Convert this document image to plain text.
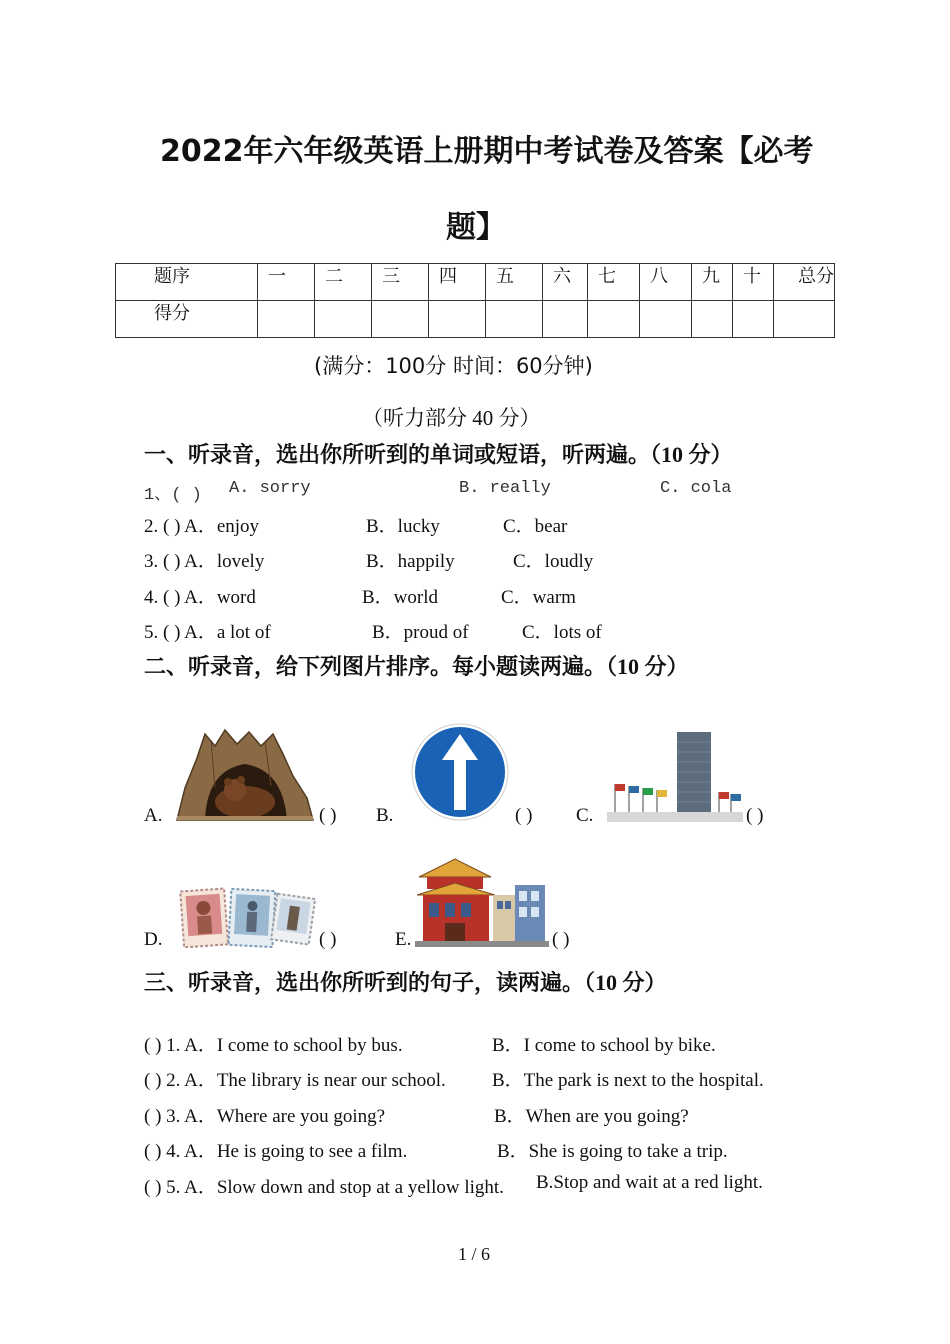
2022年六年级英语上册期中考试卷及答案【必考
题】
题序	一	二	三	四	五	六	七	八	九	十	总分
得分											
(满分：100分 时间：60分钟)
（听力部分 40 分）
一、听录音，选出你所听到的单词或短语，听两遍。（10 分）
1、( ) A. sorry	B. really	C. cola
2. ( ) A．enjoy	B．lucky	C．bear
3. ( ) A．lovely	B．happily	C．loudly
4. ( ) A．word	B．world	C．warm
5. ( ) A．a lot of	B．proud of	C．lots of
二、听录音，给下列图片排序。每小题读两遍。（10 分）
A.	( ) B.	( ) C.	( )
D.	( )	E.	( )
三、听录音，选出你所听到的句子，读两遍。（10 分）
( ) 1. A．I come to school by bus.	B．I come to school by bike.
( ) 2. A．The library is near our school. B．The park is next to the hospital.
( ) 3. A．Where are you going?	B．When are you going?
( ) 4. A．He is going to see a film.	B．She is going to take a trip.
( ) 5. A．Slow down and stop at a yellow light. B.Stop and wait at a red light.
1 / 6
